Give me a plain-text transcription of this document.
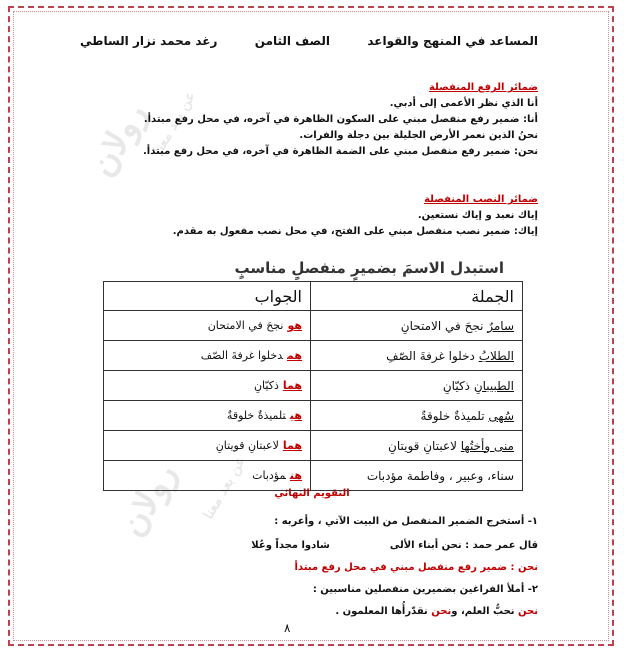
رولان
عن بعد معنا
رولان عن بعد معنا
المساعد في المنهج والقواعد
الصف الثامن
رغد محمد نزار الساطي
ضمائر الرفع المنفصلة
أنا الذي نظر الأعمى إلى أدبي.
أنا: ضمير رفع منفصل مبني على السكون الظاهرة في آخره، في محل رفع مبتدأ.
نحنُ الذين نعمر الأرض الجليلة بين دجلة والفرات.
نحن: ضمير رفع منفصل مبني على الضمة الظاهرة في آخره، في محل رفع مبتدأ.
ضمائر النصب المنفصلة
إياك نعبد و إياك نستعين.
إياك: ضمير نصب منفصل مبني على الفتح، في محل نصب مفعول به مقدم.
استبدل الاسمَ بضميرٍ منفصلٍ مناسبٍ
الجملة	الجواب
سامرٌ نجحَ في الامتحانِ	هونجحَ في الامتحان
الطلابُ دخلوا غرفةَ الصّفِ	همدخلوا غرفةَ الصّف
الطبيبانِ ذكيّانِ	هماذكيّانِ
سُهى تلميذةٌ خلوقةٌ	هيتلميذةٌ خلوقةٌ
منى وأختُها لاعبتانِ قويتانِ	همالاعبتانِ قويتانِ
سناء، وعبير ، وفاطمة مؤدبات	هنمؤدبات
التقويم النهائي
١- أستخرج الضمير المنفصل من البيت الآتي ، وأعربه :
قال عمر حمد : نحن أبناء الألى
شادوا مجداً وعُلا
نحن : ضمير رفع منفصل مبني في محل رفع مبتدأ
٢- أملأ الفراغين بضميرين منفصلين مناسبين :
نحن نحبُّ العلم، ونحن نقدّرأُها المعلمون .
٨
